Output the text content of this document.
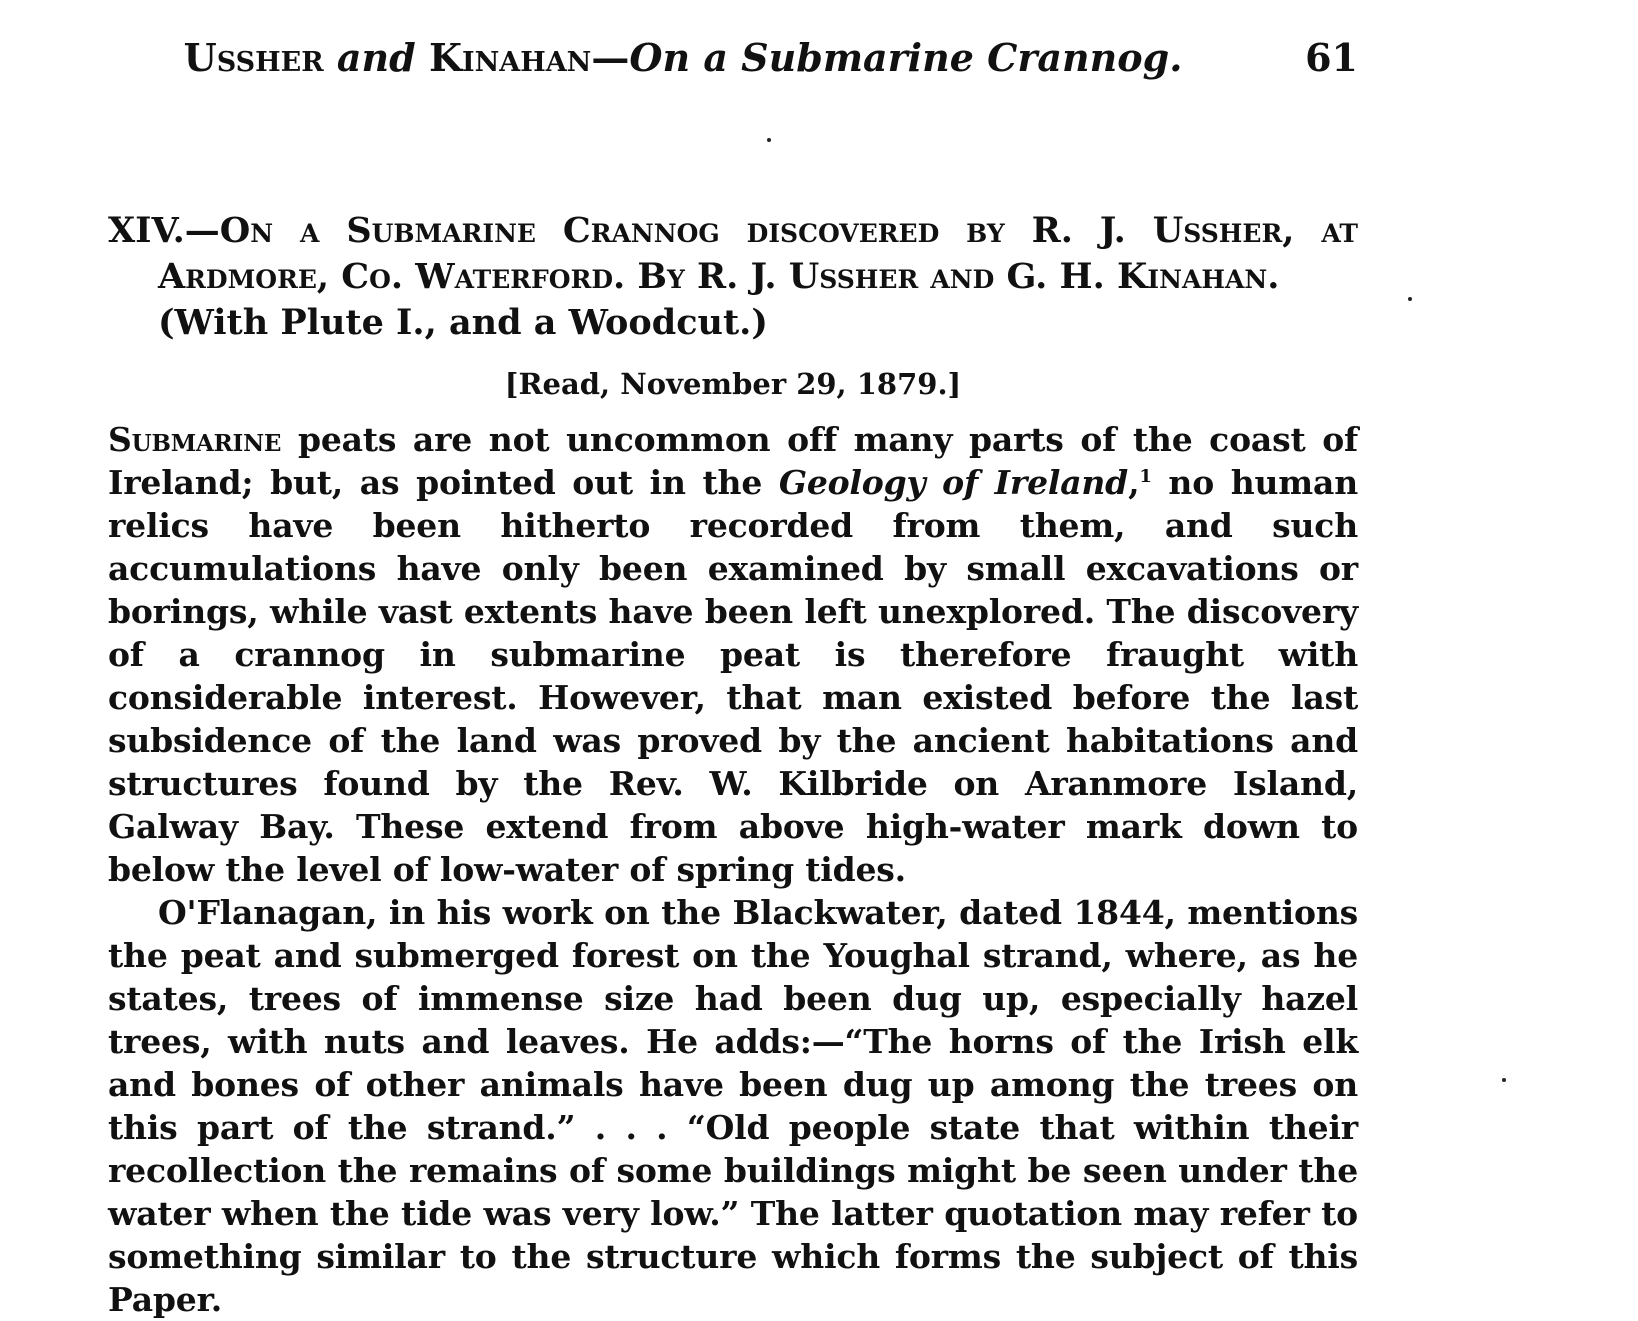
Ussher and Kinahan—On a Submarine Crannog.	61
XIV.—On a Submarine Crannog discovered by R. J. Ussher, at Ardmore, Co. Waterford. By R. J. Ussher and G. H. Kinahan.
(With Plute I., and a Woodcut.)
[Read, November 29, 1879.]

Submarine peats are not uncommon off many parts of the coast of Ireland; but, as pointed out in the Geology of Ireland,$^1$ no human relics have been hitherto recorded from them, and such accumulations have only been examined by small excavations or borings, while vast extents have been left unexplored. The discovery of a crannog in submarine peat is therefore fraught with considerable interest. However, that man existed before the last subsidence of the land was proved by the ancient habitations and structures found by the Rev. W. Kilbride on Aranmore Island, Galway Bay. These extend from above high-water mark down to below the level of low-water of spring tides.

O'Flanagan, in his work on the Blackwater, dated 1844, mentions the peat and submerged forest on the Youghal strand, where, as he states, trees of immense size had been dug up, especially hazel trees, with nuts and leaves. He adds:—“The horns of the Irish elk and bones of other animals have been dug up among the trees on this part of the strand.” . . . “Old people state that within their recollection the remains of some buildings might be seen under the water when the tide was very low.” The latter quotation may refer to something similar to the structure which forms the subject of this Paper.
